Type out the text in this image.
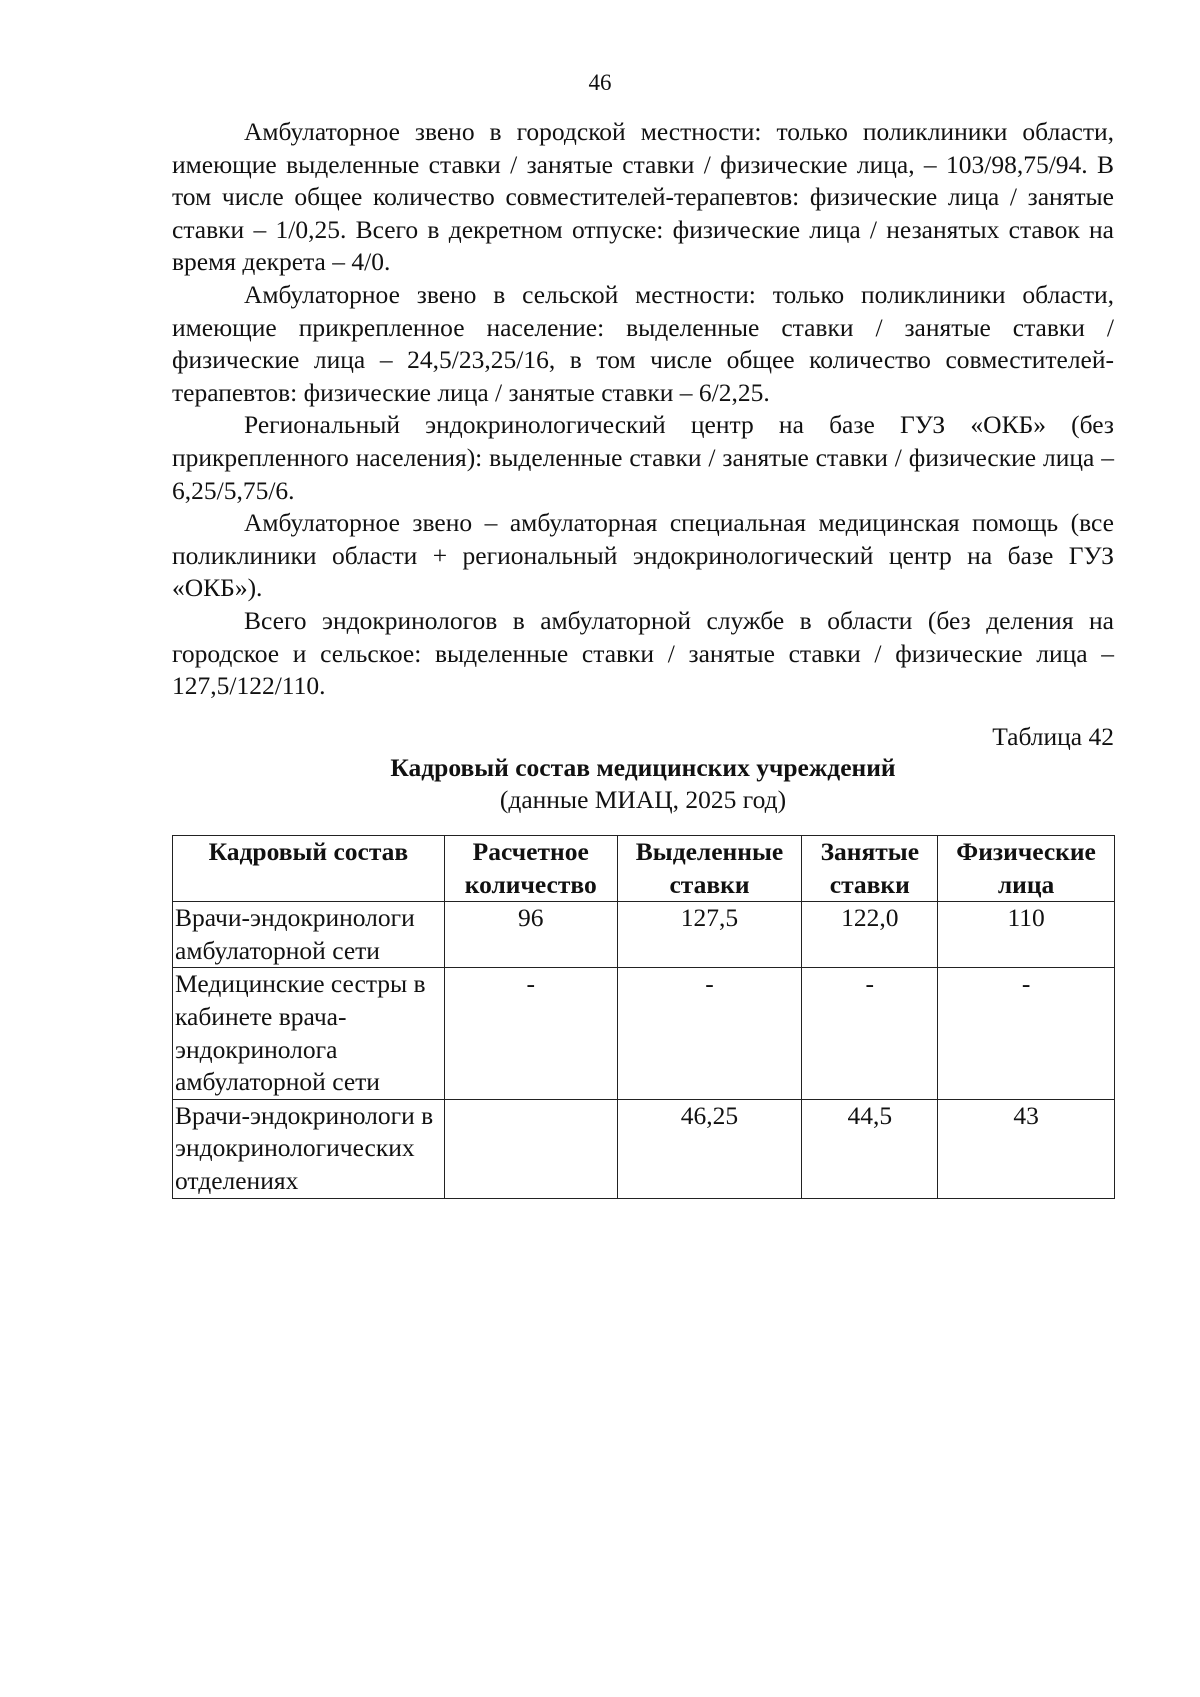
46

Амбулаторное звено в городской местности: только поликлиники области, имеющие выделенные ставки / занятые ставки / физические лица, – 103/98,75/94. В том числе общее количество совместителей-терапевтов: физические лица / занятые ставки – 1/0,25. Всего в декретном отпуске: физические лица / незанятых ставок на время декрета – 4/0.

Амбулаторное звено в сельской местности: только поликлиники области, имеющие прикрепленное население: выделенные ставки / занятые ставки / физические лица – 24,5/23,25/16, в том числе общее количество совместителей-терапевтов: физические лица / занятые ставки – 6/2,25.

Региональный эндокринологический центр на базе ГУЗ «ОКБ» (без прикрепленного населения): выделенные ставки / занятые ставки / физические лица – 6,25/5,75/6.

Амбулаторное звено – амбулаторная специальная медицинская помощь (все поликлиники области + региональный эндокринологический центр на базе ГУЗ «ОКБ»).

Всего эндокринологов в амбулаторной службе в области (без деления на городское и сельское: выделенные ставки / занятые ставки / физические лица – 127,5/122/110.

Таблица 42
Кадровый состав медицинских учреждений
(данные МИАЦ, 2025 год)
Кадровый состав	Расчетное количество	Выделенные ставки	Занятые ставки	Физические лица
Врачи-эндокринологи амбулаторной сети	96	127,5	122,0	110
Медицинские сестры в кабинете врача-эндокринолога амбулаторной сети	-	-	-	-
Врачи-эндокринологи в эндокринологических отделениях		46,25	44,5	43
